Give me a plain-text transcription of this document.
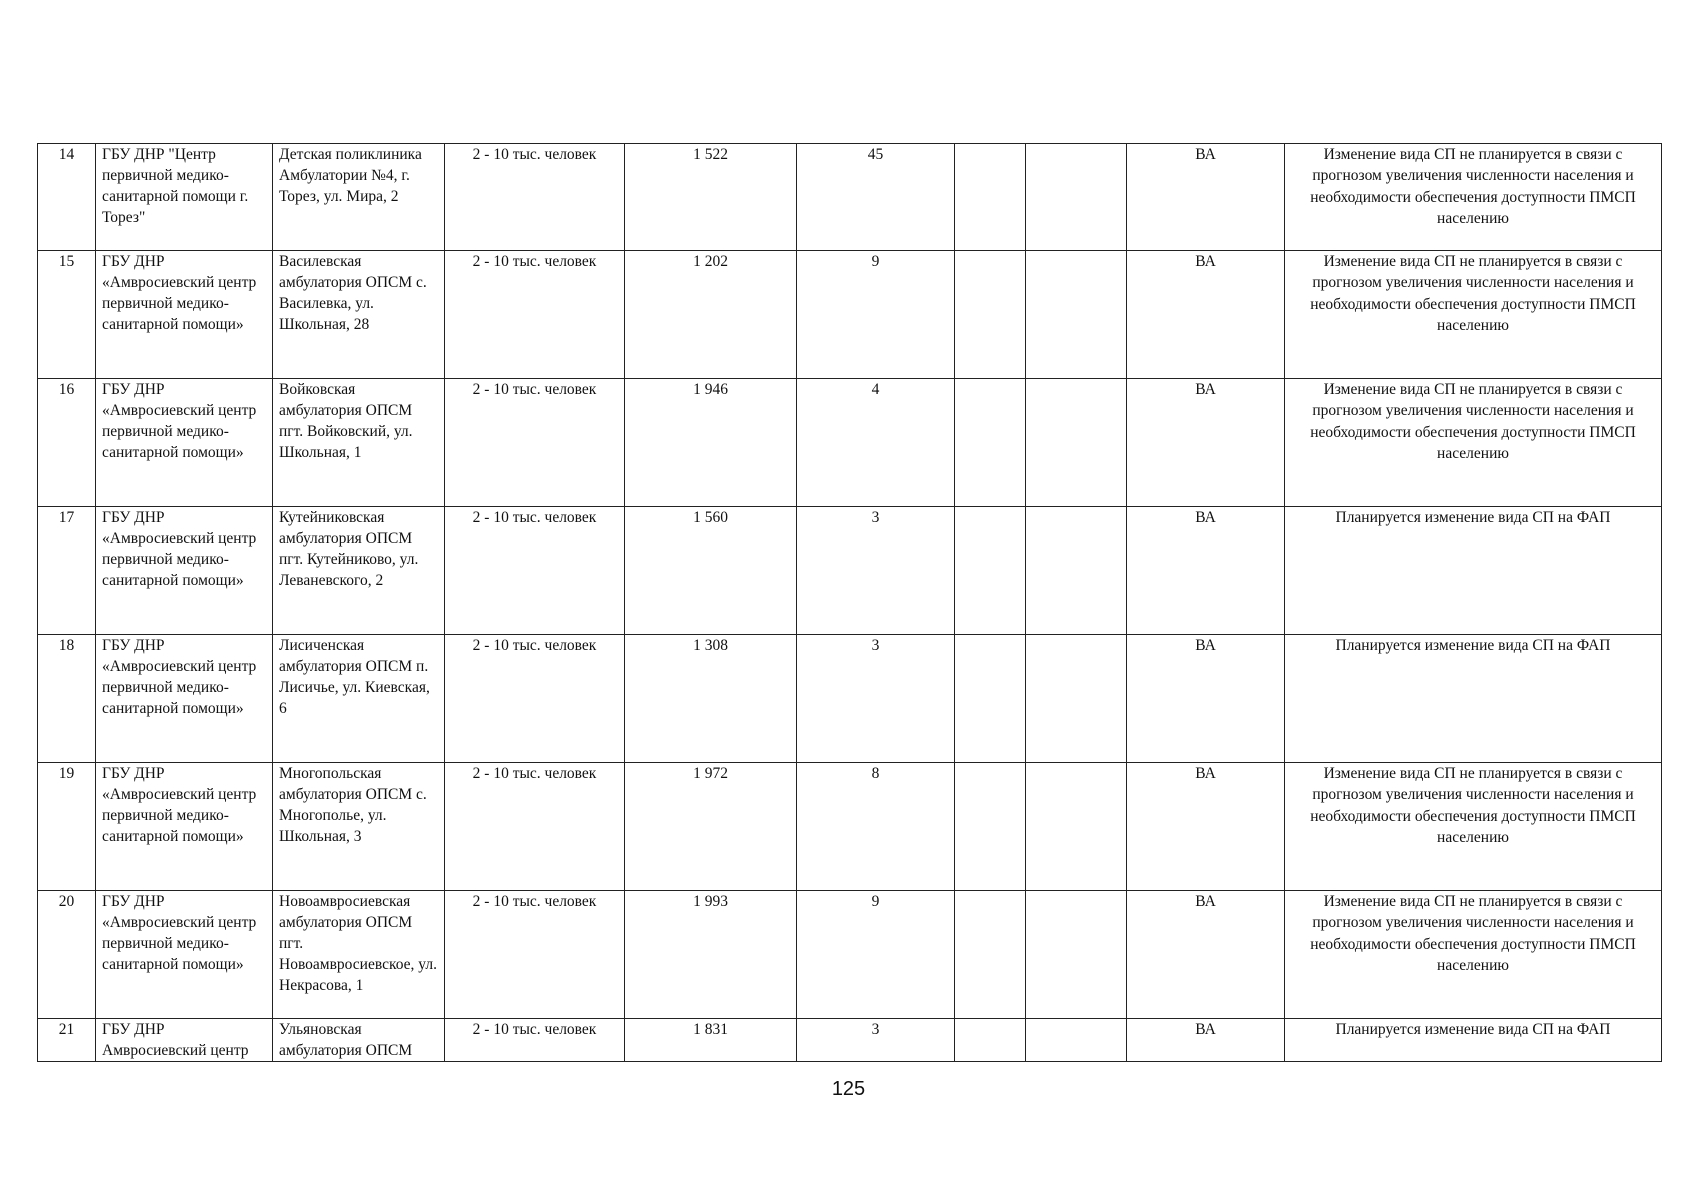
14	ГБУ ДНР "Центр первичной медико-санитарной помощи г. Торез"	Детская поликлиника Амбулатории №4, г. Торез, ул. Мира, 2	2 - 10 тыс. человек	1 522	45			ВА	Изменение вида СП не планируется в связи с прогнозом увеличения численности населения и необходимости обеспечения доступности ПМСП населению
15	ГБУ ДНР «Амвросиевский центр первичной медико-санитарной помощи»	Василевская амбулатория ОПСМ с. Василевка, ул. Школьная, 28	2 - 10 тыс. человек	1 202	9			ВА	Изменение вида СП не планируется в связи с прогнозом увеличения численности населения и необходимости обеспечения доступности ПМСП населению
16	ГБУ ДНР «Амвросиевский центр первичной медико-санитарной помощи»	Войковская амбулатория ОПСМ пгт. Войковский, ул. Школьная, 1	2 - 10 тыс. человек	1 946	4			ВА	Изменение вида СП не планируется в связи с прогнозом увеличения численности населения и необходимости обеспечения доступности ПМСП населению
17	ГБУ ДНР «Амвросиевский центр первичной медико-санитарной помощи»	Кутейниковская амбулатория ОПСМ пгт. Кутейниково, ул. Леваневского, 2	2 - 10 тыс. человек	1 560	3			ВА	Планируется изменение вида СП на ФАП
18	ГБУ ДНР «Амвросиевский центр первичной медико-санитарной помощи»	Лисиченская амбулатория ОПСМ п. Лисичье, ул. Киевская, 6	2 - 10 тыс. человек	1 308	3			ВА	Планируется изменение вида СП на ФАП
19	ГБУ ДНР «Амвросиевский центр первичной медико-санитарной помощи»	Многопольская амбулатория ОПСМ с. Многополье, ул. Школьная, 3	2 - 10 тыс. человек	1 972	8			ВА	Изменение вида СП не планируется в связи с прогнозом увеличения численности населения и необходимости обеспечения доступности ПМСП населению
20	ГБУ ДНР «Амвросиевский центр первичной медико-санитарной помощи»	Новоамвросиевская амбулатория ОПСМ пгт. Новоамвросиевское, ул. Некрасова, 1	2 - 10 тыс. человек	1 993	9			ВА	Изменение вида СП не планируется в связи с прогнозом увеличения численности населения и необходимости обеспечения доступности ПМСП населению
21	ГБУ ДНР Амвросиевский центр	Ульяновская амбулатория ОПСМ	2 - 10 тыс. человек	1 831	3			ВА	Планируется изменение вида СП на ФАП
125
